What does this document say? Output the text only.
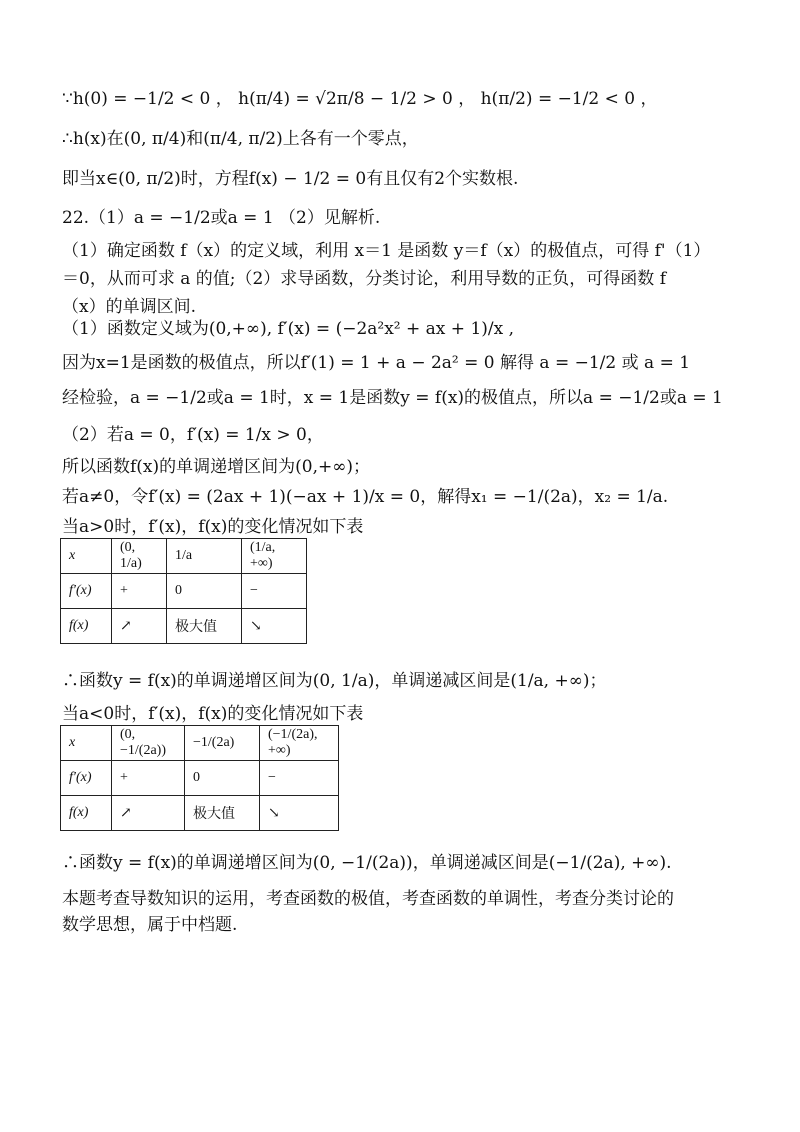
∵h(0) = −1/2 < 0 ， h(π/4) = √2π/8 − 1/2 > 0 ， h(π/2) = −1/2 < 0 ，
∴h(x)在(0, π/4)和(π/4, π/2)上各有一个零点，
即当x∈(0, π/2)时，方程f(x) − 1/2 = 0有且仅有2个实数根.
22.（1）a = −1/2或a = 1 （2）见解析.
（1）确定函数 f（x）的定义域，利用 x＝1 是函数 y＝f（x）的极值点，可得 f'（1）
＝0，从而可求 a 的值;（2）求导函数，分类讨论，利用导数的正负，可得函数 f
（x）的单调区间.
（1）函数定义域为(0,+∞), f′(x) = (−2a²x² + ax + 1)/x ,
因为x=1是函数的极值点，所以f′(1) = 1 + a − 2a² = 0 解得 a = −1/2 或 a = 1
经检验，a = −1/2或a = 1时，x = 1是函数y = f(x)的极值点，所以a = −1/2或a = 1
（2）若a = 0，f′(x) = 1/x > 0，
所以函数f(x)的单调递增区间为(0,+∞)；
若a≠0，令f′(x) = (2ax + 1)(−ax + 1)/x = 0，解得x₁ = −1/(2a)，x₂ = 1/a.
当a>0时，f′(x)，f(x)的变化情况如下表
x	(0, 1/a)	1/a	(1/a, +∞)
f′(x)	+	0	−
f(x)	↗	极大值	↘
∴函数y = f(x)的单调递增区间为(0, 1/a)，单调递减区间是(1/a, +∞)；
当a<0时，f′(x)，f(x)的变化情况如下表
x	(0, −1/(2a))	−1/(2a)	(−1/(2a), +∞)
f′(x)	+	0	−
f(x)	↗	极大值	↘
∴函数y = f(x)的单调递增区间为(0, −1/(2a))，单调递减区间是(−1/(2a), +∞).
本题考查导数知识的运用，考查函数的极值，考查函数的单调性，考查分类讨论的
数学思想，属于中档题.
